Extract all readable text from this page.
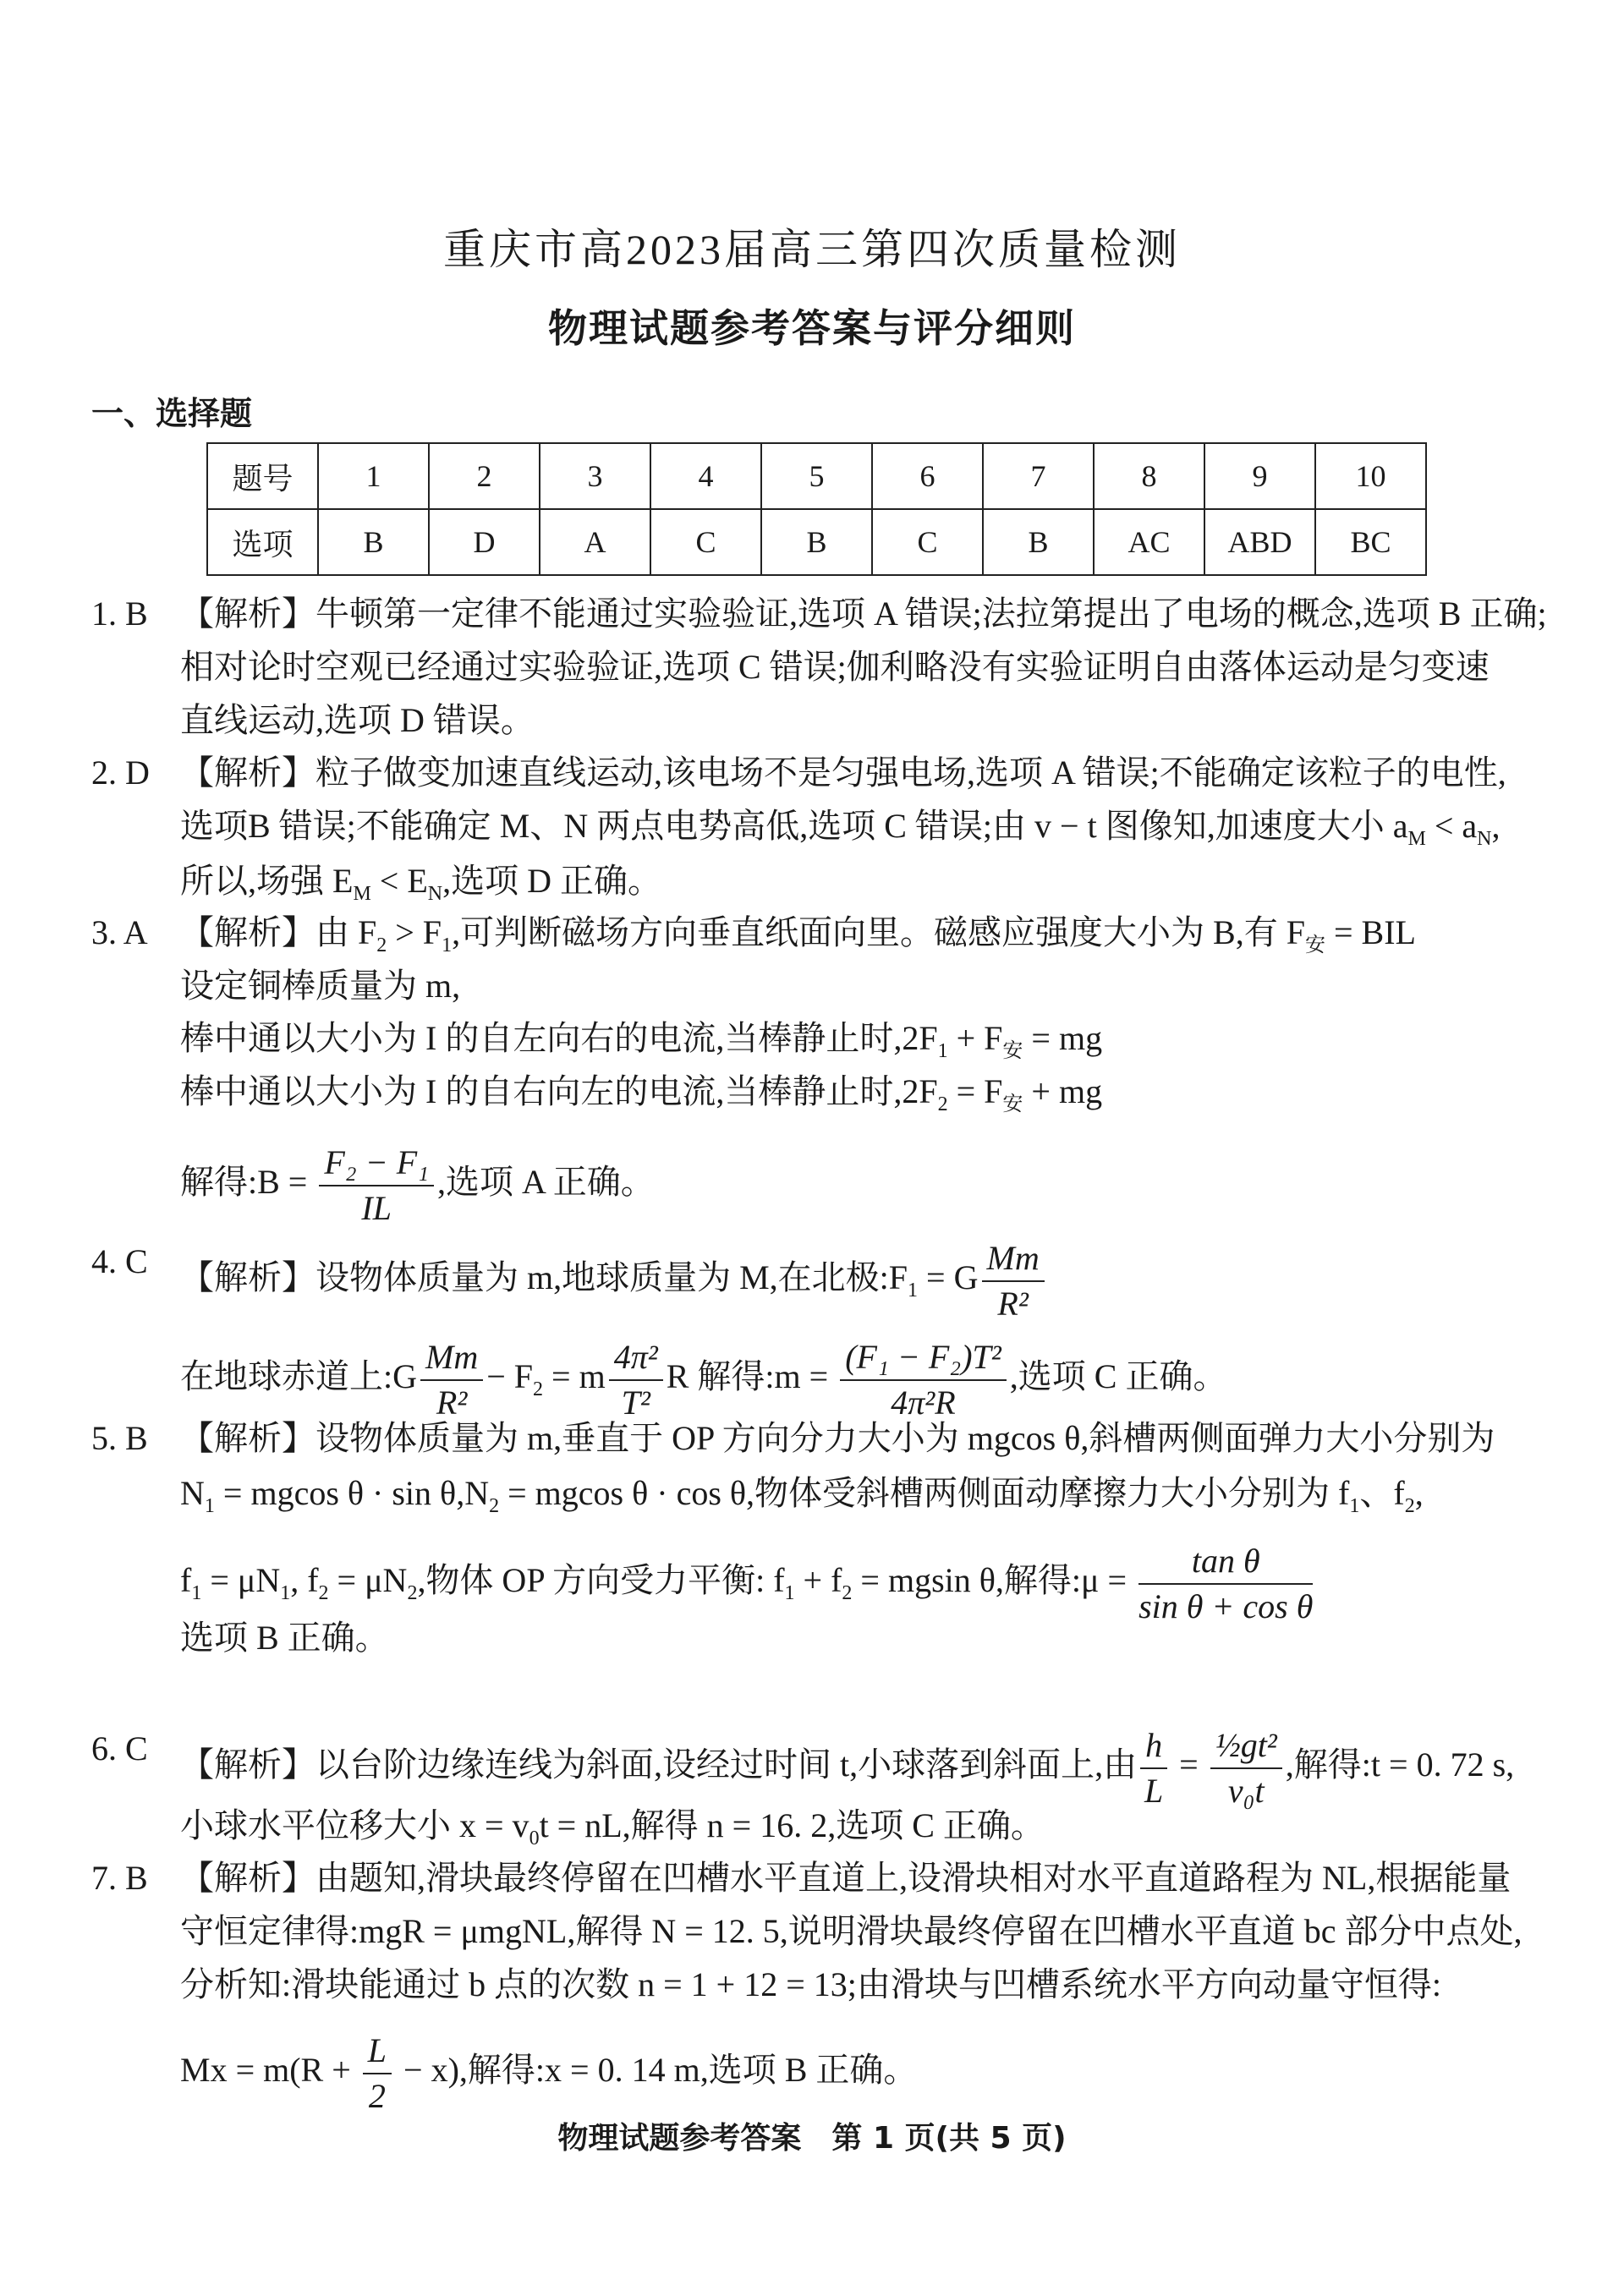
重庆市高2023届高三第四次质量检测
物理试题参考答案与评分细则
一、选择题
题号	1	2	3	4	5	6	7	8	9	10
选项	B	D	A	C	B	C	B	AC	ABD	BC
1. B 【解析】牛顿第一定律不能通过实验验证,选项 A 错误;法拉第提出了电场的概念,选项 B 正确;
相对论时空观已经通过实验验证,选项 C 错误;伽利略没有实验证明自由落体运动是匀变速
直线运动,选项 D 错误。
2. D 【解析】粒子做变加速直线运动,该电场不是匀强电场,选项 A 错误;不能确定该粒子的电性,
选项B 错误;不能确定 M、N 两点电势高低,选项 C 错误;由 v − t 图像知,加速度大小 $a_M < a_N$,
所以,场强 $E_M < E_N$,选项 D 正确。
3. A 【解析】由 $F_2 > F_1$,可判断磁场方向垂直纸面向里。磁感应强度大小为 B,有 $F_安$ = BIL
设定铜棒质量为 m,
棒中通以大小为 I 的自左向右的电流,当棒静止时$,2F_1 + F_安$ = mg
棒中通以大小为 I 的自右向左的电流,当棒静止时$,2F_2 = F_安$ + mg
解得:B = $\frac{\text{F₂ − F₁}}{IL}$ ,选项 A 正确。
4. C 【解析】设物体质量为 m,地球质量为 M,在北极$:F_1 = G \frac{Mm}{\text{R²}}$
在地球赤道上:G $\frac{Mm}{\text{R²}} - F_2 = m \frac{\text{4π²}}{\text{T²}}$ R 解得:m = $\frac{\text{(F₁ − F₂)T²}}{\text{4π²R}}$ ,选项 C 正确。
5. B 【解析】设物体质量为 m,垂直于 OP 方向分力大小为 mgcos θ,斜槽两侧面弹力大小分别为
$N_1 = mgcos$ $\theta \cdot \sin \theta,N_2 = mgcos$ θ · cos θ,物体受斜槽两侧面动摩擦力大小分别为 $f_1$、$f_2$,
$f_1 = \mu N_1$, $f_2 = \mu N_2$,物体 OP 方向受力平衡: $f_1 + f_2 = mgsin$ θ,解得:μ = $\frac{\text{tan θ}}{\text{sin θ + cos θ}}$
选项 B 正确。
6. C 【解析】以台阶边缘连线为斜面,设经过时间 t,小球落到斜面上,由 $\frac{h}{L} = \frac{\text{½gt²}}{\text{v₀t}}$ ,解得:t = 0. 72 s,
小球水平位移大小 $x = v_0t$ = nL,解得 n = 16. 2,选项 C 正确。
7. B 【解析】由题知,滑块最终停留在凹槽水平直道上,设滑块相对水平直道路程为 NL,根据能量
守恒定律得:mgR = μmgNL,解得 N = 12. 5,说明滑块最终停留在凹槽水平直道 bc 部分中点处,
分析知:滑块能通过 b 点的次数 n = 1 + 12 = 13;由滑块与凹槽系统水平方向动量守恒得:
$Mx = m(R + \frac{L}{2} - x)$,解得:x = 0. 14 m,选项 B 正确。
物理试题参考答案　第 1 页(共 5 页)
